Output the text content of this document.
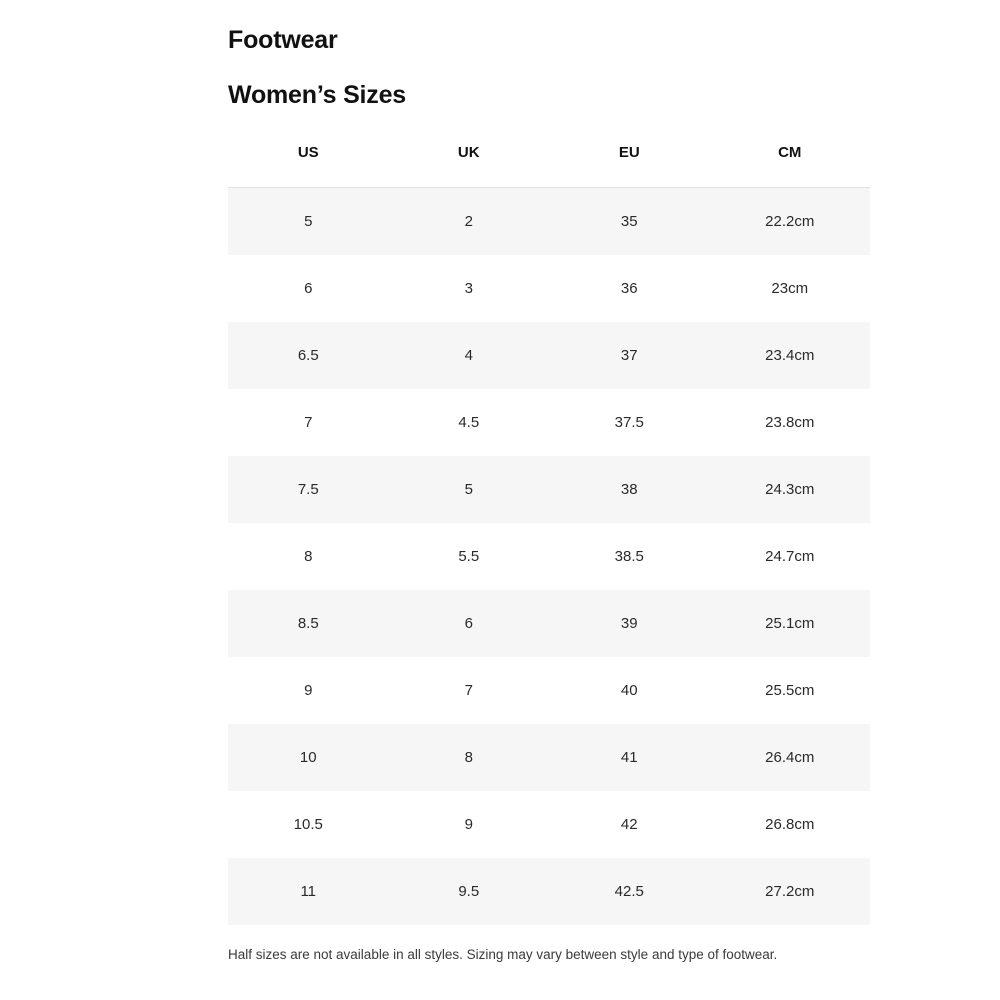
Footwear
Women’s Sizes
US	UK	EU	CM
5	2	35	22.2cm
6	3	36	23cm
6.5	4	37	23.4cm
7	4.5	37.5	23.8cm
7.5	5	38	24.3cm
8	5.5	38.5	24.7cm
8.5	6	39	25.1cm
9	7	40	25.5cm
10	8	41	26.4cm
10.5	9	42	26.8cm
11	9.5	42.5	27.2cm
Half sizes are not available in all styles. Sizing may vary between style and type of footwear.
